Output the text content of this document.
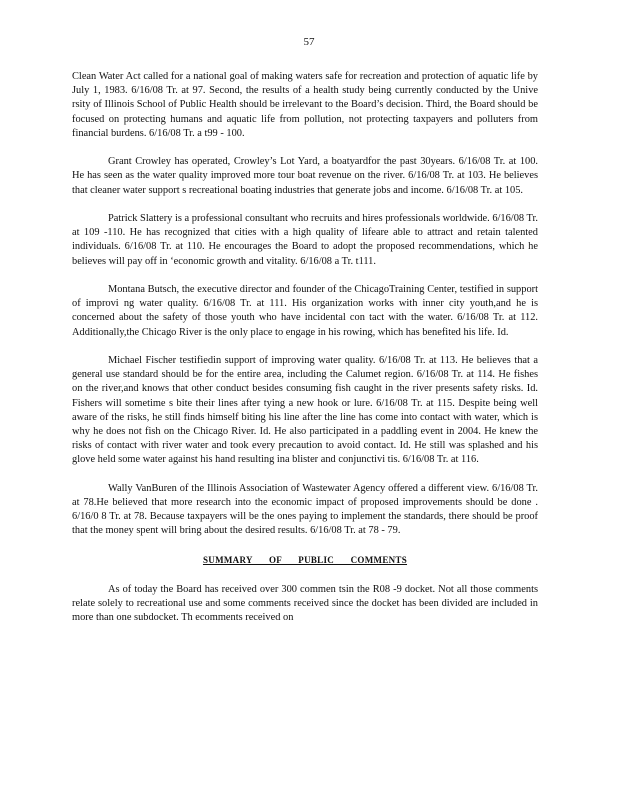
57

Clean Water Act called for a national goal of making waters safe for recreation and protection of aquatic life by July 1, 1983. 6/16/08 Tr. at 97. Second, the results of a health study being currently conducted by the Unive rsity of Illinois School of Public Health should be irrelevant to the Board’s decision. Third, the Board should be focused on protecting humans and aquatic life from pollution, not protecting taxpayers and polluters from financial burdens. 6/16/08 Tr. a t99 - 100.

Grant Crowley has operated, Crowley’s Lot Yard, a boatyardfor the past 30years. 6/16/08 Tr. at 100. He has seen as the water quality improved more tour boat revenue on the river. 6/16/08 Tr. at 103. He believes that cleaner water support s recreational boating industries that generate jobs and income. 6/16/08 Tr. at 105.

Patrick Slattery is a professional consultant who recruits and hires professionals worldwide. 6/16/08 Tr. at 109 -110. He has recognized that cities with a high quality of lifeare able to attract and retain talented individuals. 6/16/08 Tr. at 110. He encourages the Board to adopt the proposed recommendations, which he believes will pay off in ‘economic growth and vitality. 6/16/08 a Tr. t111.

Montana Butsch, the executive director and founder of the ChicagoTraining Center, testified in support of improvi ng water quality. 6/16/08 Tr. at 111. His organization works with inner city youth,and he is concerned about the safety of those youth who have incidental con tact with the water. 6/16/08 Tr. at 112. Additionally,the Chicago River is the only place to engage in his rowing, which has benefited his life. Id.

Michael Fischer testifiedin support of improving water quality. 6/16/08 Tr. at 113. He believes that a general use standard should be for the entire area, including the Calumet region. 6/16/08 Tr. at 114. He fishes on the river,and knows that other conduct besides consuming fish caught in the river presents safety risks. Id. Fishers will sometime s bite their lines after tying a new hook or lure. 6/16/08 Tr. at 115. Despite being well aware of the risks, he still finds himself biting his line after the line has come into contact with water, which is why he does not fish on the Chicago River. Id. He also participated in a paddling event in 2004. He knew the risks of contact with river water and took every precaution to avoid contact. Id. He still was splashed and his glove held some water against his hand resulting ina blister and conjunctivi tis. 6/16/08 Tr. at 116.

Wally VanBuren of the Illinois Association of Wastewater Agency offered a different view. 6/16/08 Tr. at 78.He believed that more research into the economic impact of proposed improvements should be done . 6/16/0 8 Tr. at 78. Because taxpayers will be the ones paying to implement the standards, there should be proof that the money spent will bring about the desired results. 6/16/08 Tr. at 78 - 79.

SUMMARY OF PUBLIC COMMENTS

As of today the Board has received over 300 commen tsin the R08 -9 docket. Not all those comments relate solely to recreational use and some comments received since the docket has been divided are included in more than one subdocket. Th ecomments received on
